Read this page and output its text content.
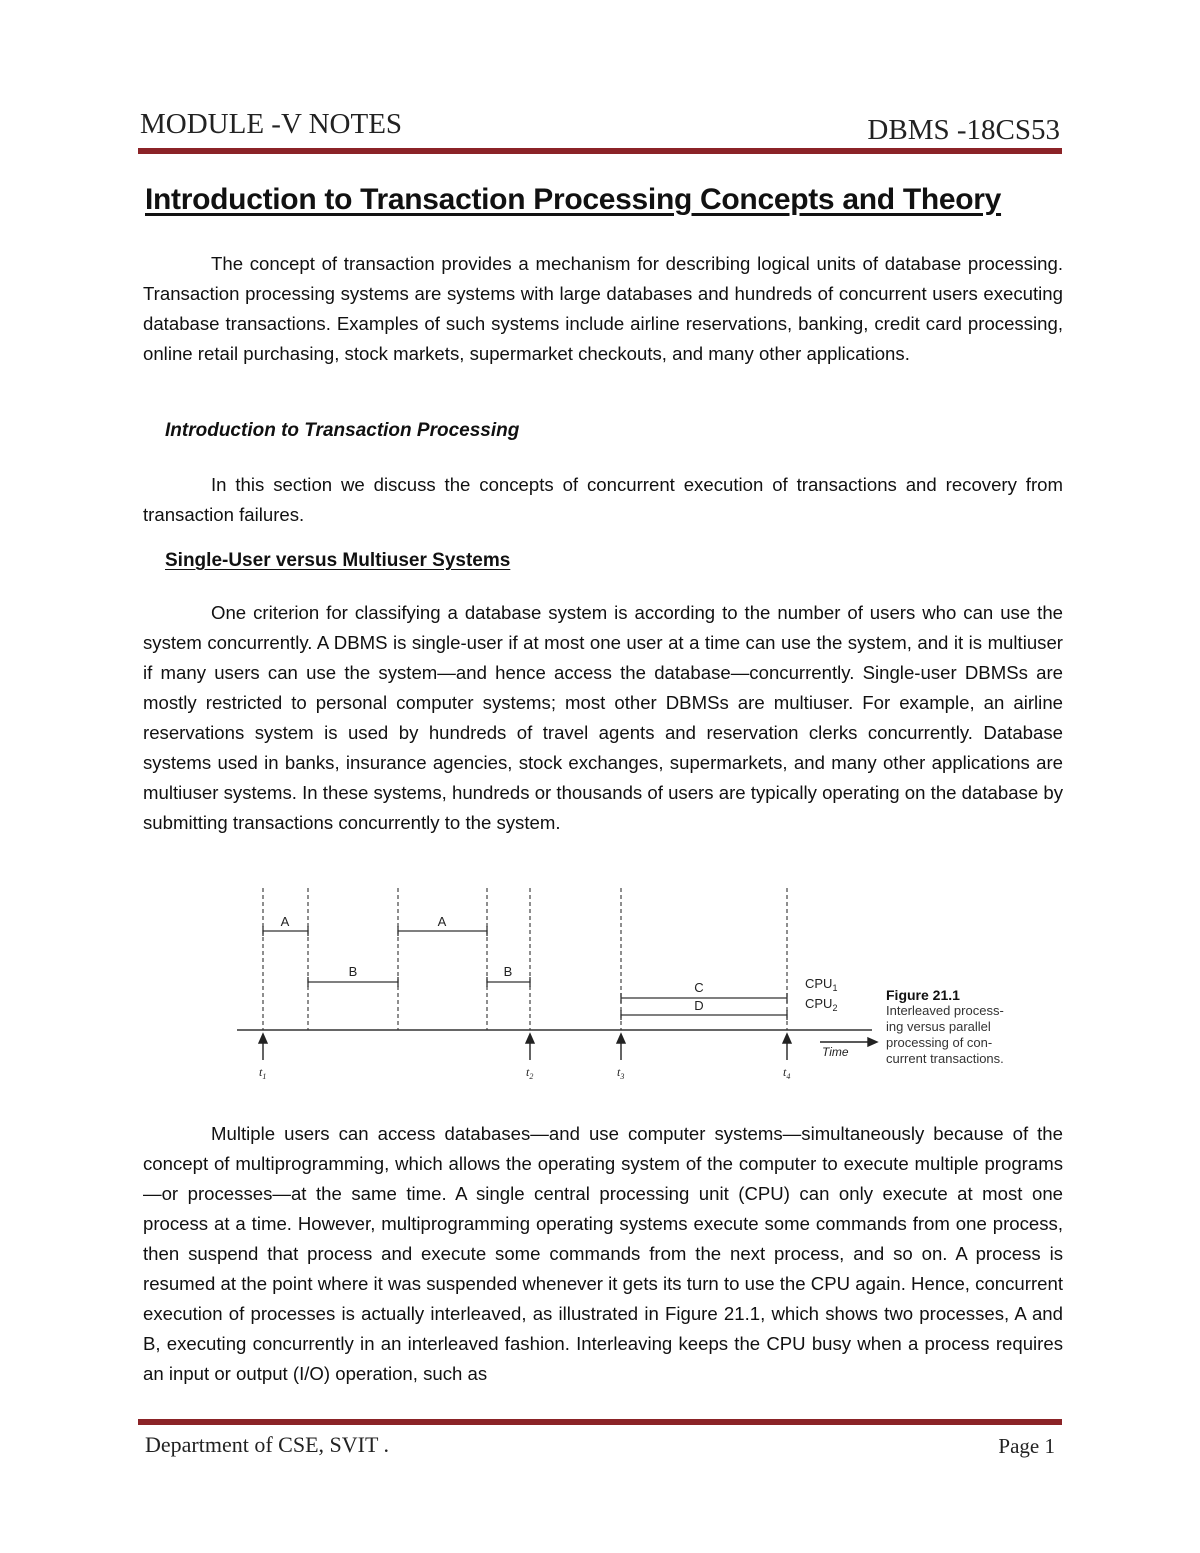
MODULE -V NOTES	DBMS -18CS53
Introduction to Transaction Processing Concepts and Theory
The concept of transaction provides a mechanism for describing logical units of database processing. Transaction processing systems are systems with large databases and hundreds of concurrent users executing database transactions. Examples of such systems include airline reservations, banking, credit card processing, online retail purchasing, stock markets, supermarket checkouts, and many other applications.
Introduction to Transaction Processing
In this section we discuss the concepts of concurrent execution of transactions and recovery from transaction failures.
Single-User versus Multiuser Systems
One criterion for classifying a database system is according to the number of users who can use the system concurrently. A DBMS is single-user if at most one user at a time can use the system, and it is multiuser if many users can use the system—and hence access the database—concurrently. Single-user DBMSs are mostly restricted to personal computer systems; most other DBMSs are multiuser. For example, an airline reservations system is used by hundreds of travel agents and reservation clerks concurrently. Database systems used in banks, insurance agencies, stock exchanges, supermarkets, and many other applications are multiuser systems. In these systems, hundreds or thousands of users are typically operating on the database by submitting transactions concurrently to the system.
A
B
A
B
C
D
$CPU_1$
$CPU_2$
Time
$t_1$	$t_2$	$t_3$	$t_4$
Figure 21.1
Interleaved process-
ing versus parallel
processing of con-
current transactions.
Multiple users can access databases—and use computer systems—simultaneously because of the concept of multiprogramming, which allows the operating system of the computer to execute multiple programs—or processes—at the same time. A single central processing unit (CPU) can only execute at most one process at a time. However, multiprogramming operating systems execute some commands from one process, then suspend that process and execute some commands from the next process, and so on. A process is resumed at the point where it was suspended whenever it gets its turn to use the CPU again. Hence, concurrent execution of processes is actually interleaved, as illustrated in Figure 21.1, which shows two processes, A and B, executing concurrently in an interleaved fashion. Interleaving keeps the CPU busy when a process requires an input or output (I/O) operation, such as
Department of CSE, SVIT .	Page 1
